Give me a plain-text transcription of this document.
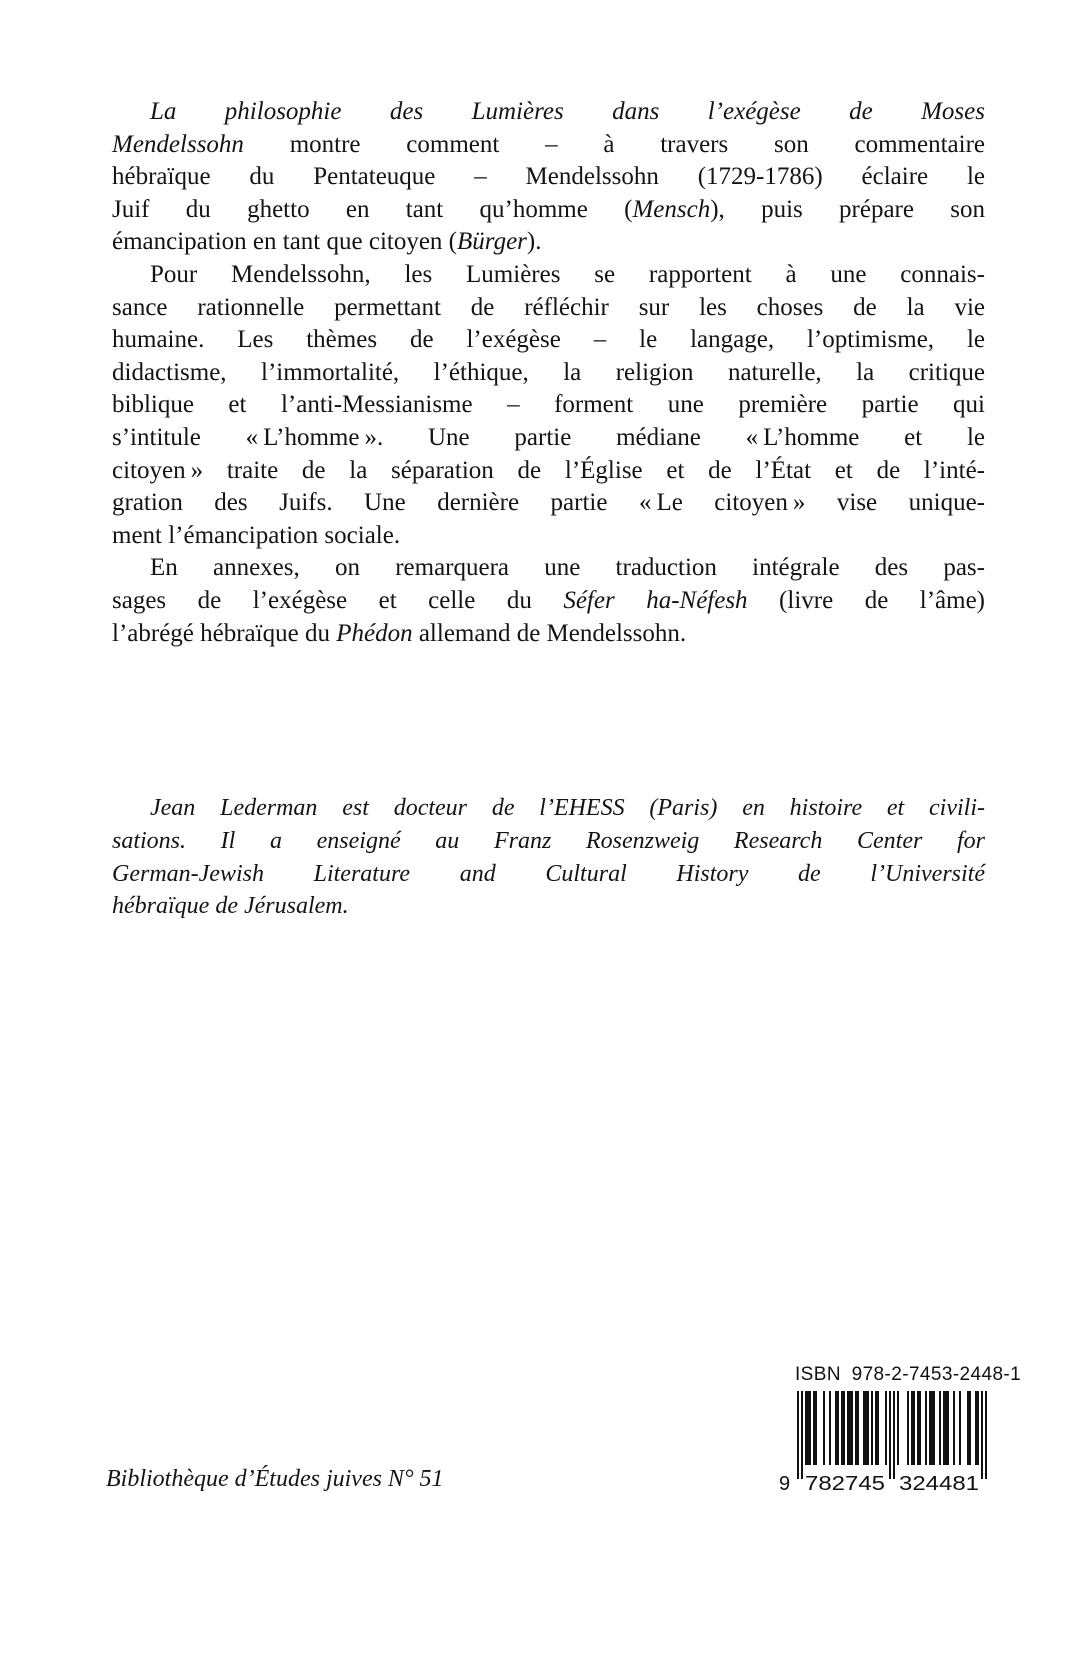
La philosophie des Lumières dans l’exégèse de Moses
Mendelssohn montre comment – à travers son commentaire
hébraïque du Pentateuque – Mendelssohn (1729-1786) éclaire le
Juif du ghetto en tant qu’homme (Mensch), puis prépare son
émancipation en tant que citoyen (Bürger).
Pour Mendelssohn, les Lumières se rapportent à une connais-
sance rationnelle permettant de réfléchir sur les choses de la vie
humaine. Les thèmes de l’exégèse – le langage, l’optimisme, le
didactisme, l’immortalité, l’éthique, la religion naturelle, la critique
biblique et l’anti-Messianisme – forment une première partie qui
s’intitule « L’homme ». Une partie médiane « L’homme et le
citoyen » traite de la séparation de l’Église et de l’État et de l’inté-
gration des Juifs. Une dernière partie « Le citoyen » vise unique-
ment l’émancipation sociale.
En annexes, on remarquera une traduction intégrale des pas-
sages de l’exégèse et celle du Séfer ha-Néfesh (livre de l’âme)
l’abrégé hébraïque du Phédon allemand de Mendelssohn.
Jean Lederman est docteur de l’EHESS (Paris) en histoire et civili-
sations. Il a enseigné au Franz Rosenzweig Research Center for
German-Jewish Literature and Cultural History de l’Université
hébraïque de Jérusalem.
ISBN 978-2-7453-2448-1
9 782745 324481
Bibliothèque d’Études juives N° 51
